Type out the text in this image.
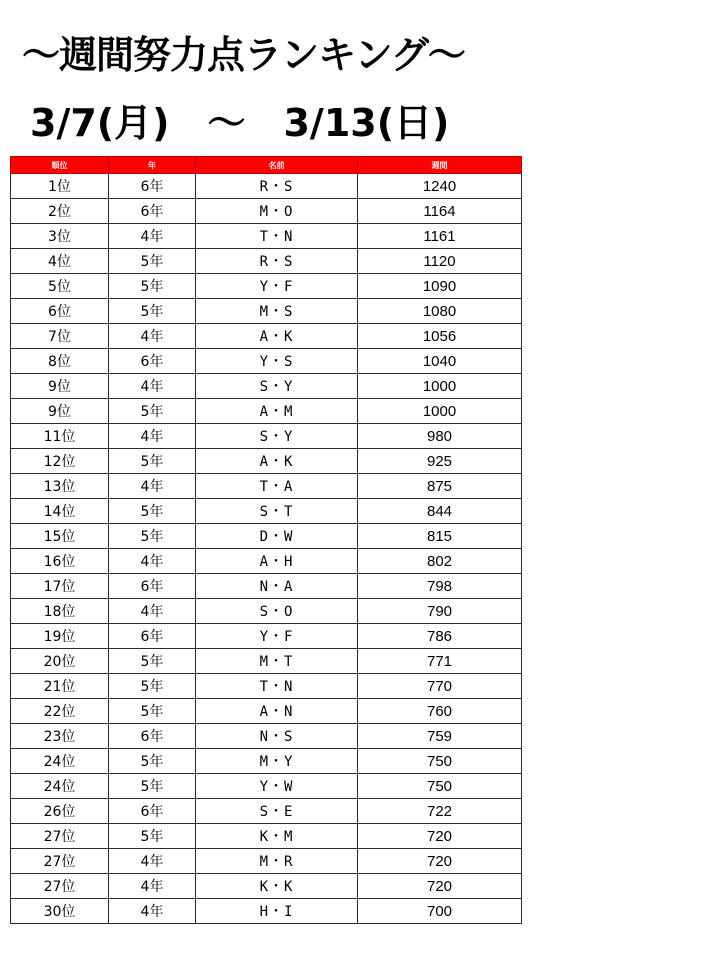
～週間努力点ランキング～
3/7(月)　～　3/13(日)
順位	年	名前	週間
1位	6年	R・S	1240
2位	6年	M・O	1164
3位	4年	T・N	1161
4位	5年	R・S	1120
5位	5年	Y・F	1090
6位	5年	M・S	1080
7位	4年	A・K	1056
8位	6年	Y・S	1040
9位	4年	S・Y	1000
9位	5年	A・M	1000
11位	4年	S・Y	980
12位	5年	A・K	925
13位	4年	T・A	875
14位	5年	S・T	844
15位	5年	D・W	815
16位	4年	A・H	802
17位	6年	N・A	798
18位	4年	S・O	790
19位	6年	Y・F	786
20位	5年	M・T	771
21位	5年	T・N	770
22位	5年	A・N	760
23位	6年	N・S	759
24位	5年	M・Y	750
24位	5年	Y・W	750
26位	6年	S・E	722
27位	5年	K・M	720
27位	4年	M・R	720
27位	4年	K・K	720
30位	4年	H・I	700
